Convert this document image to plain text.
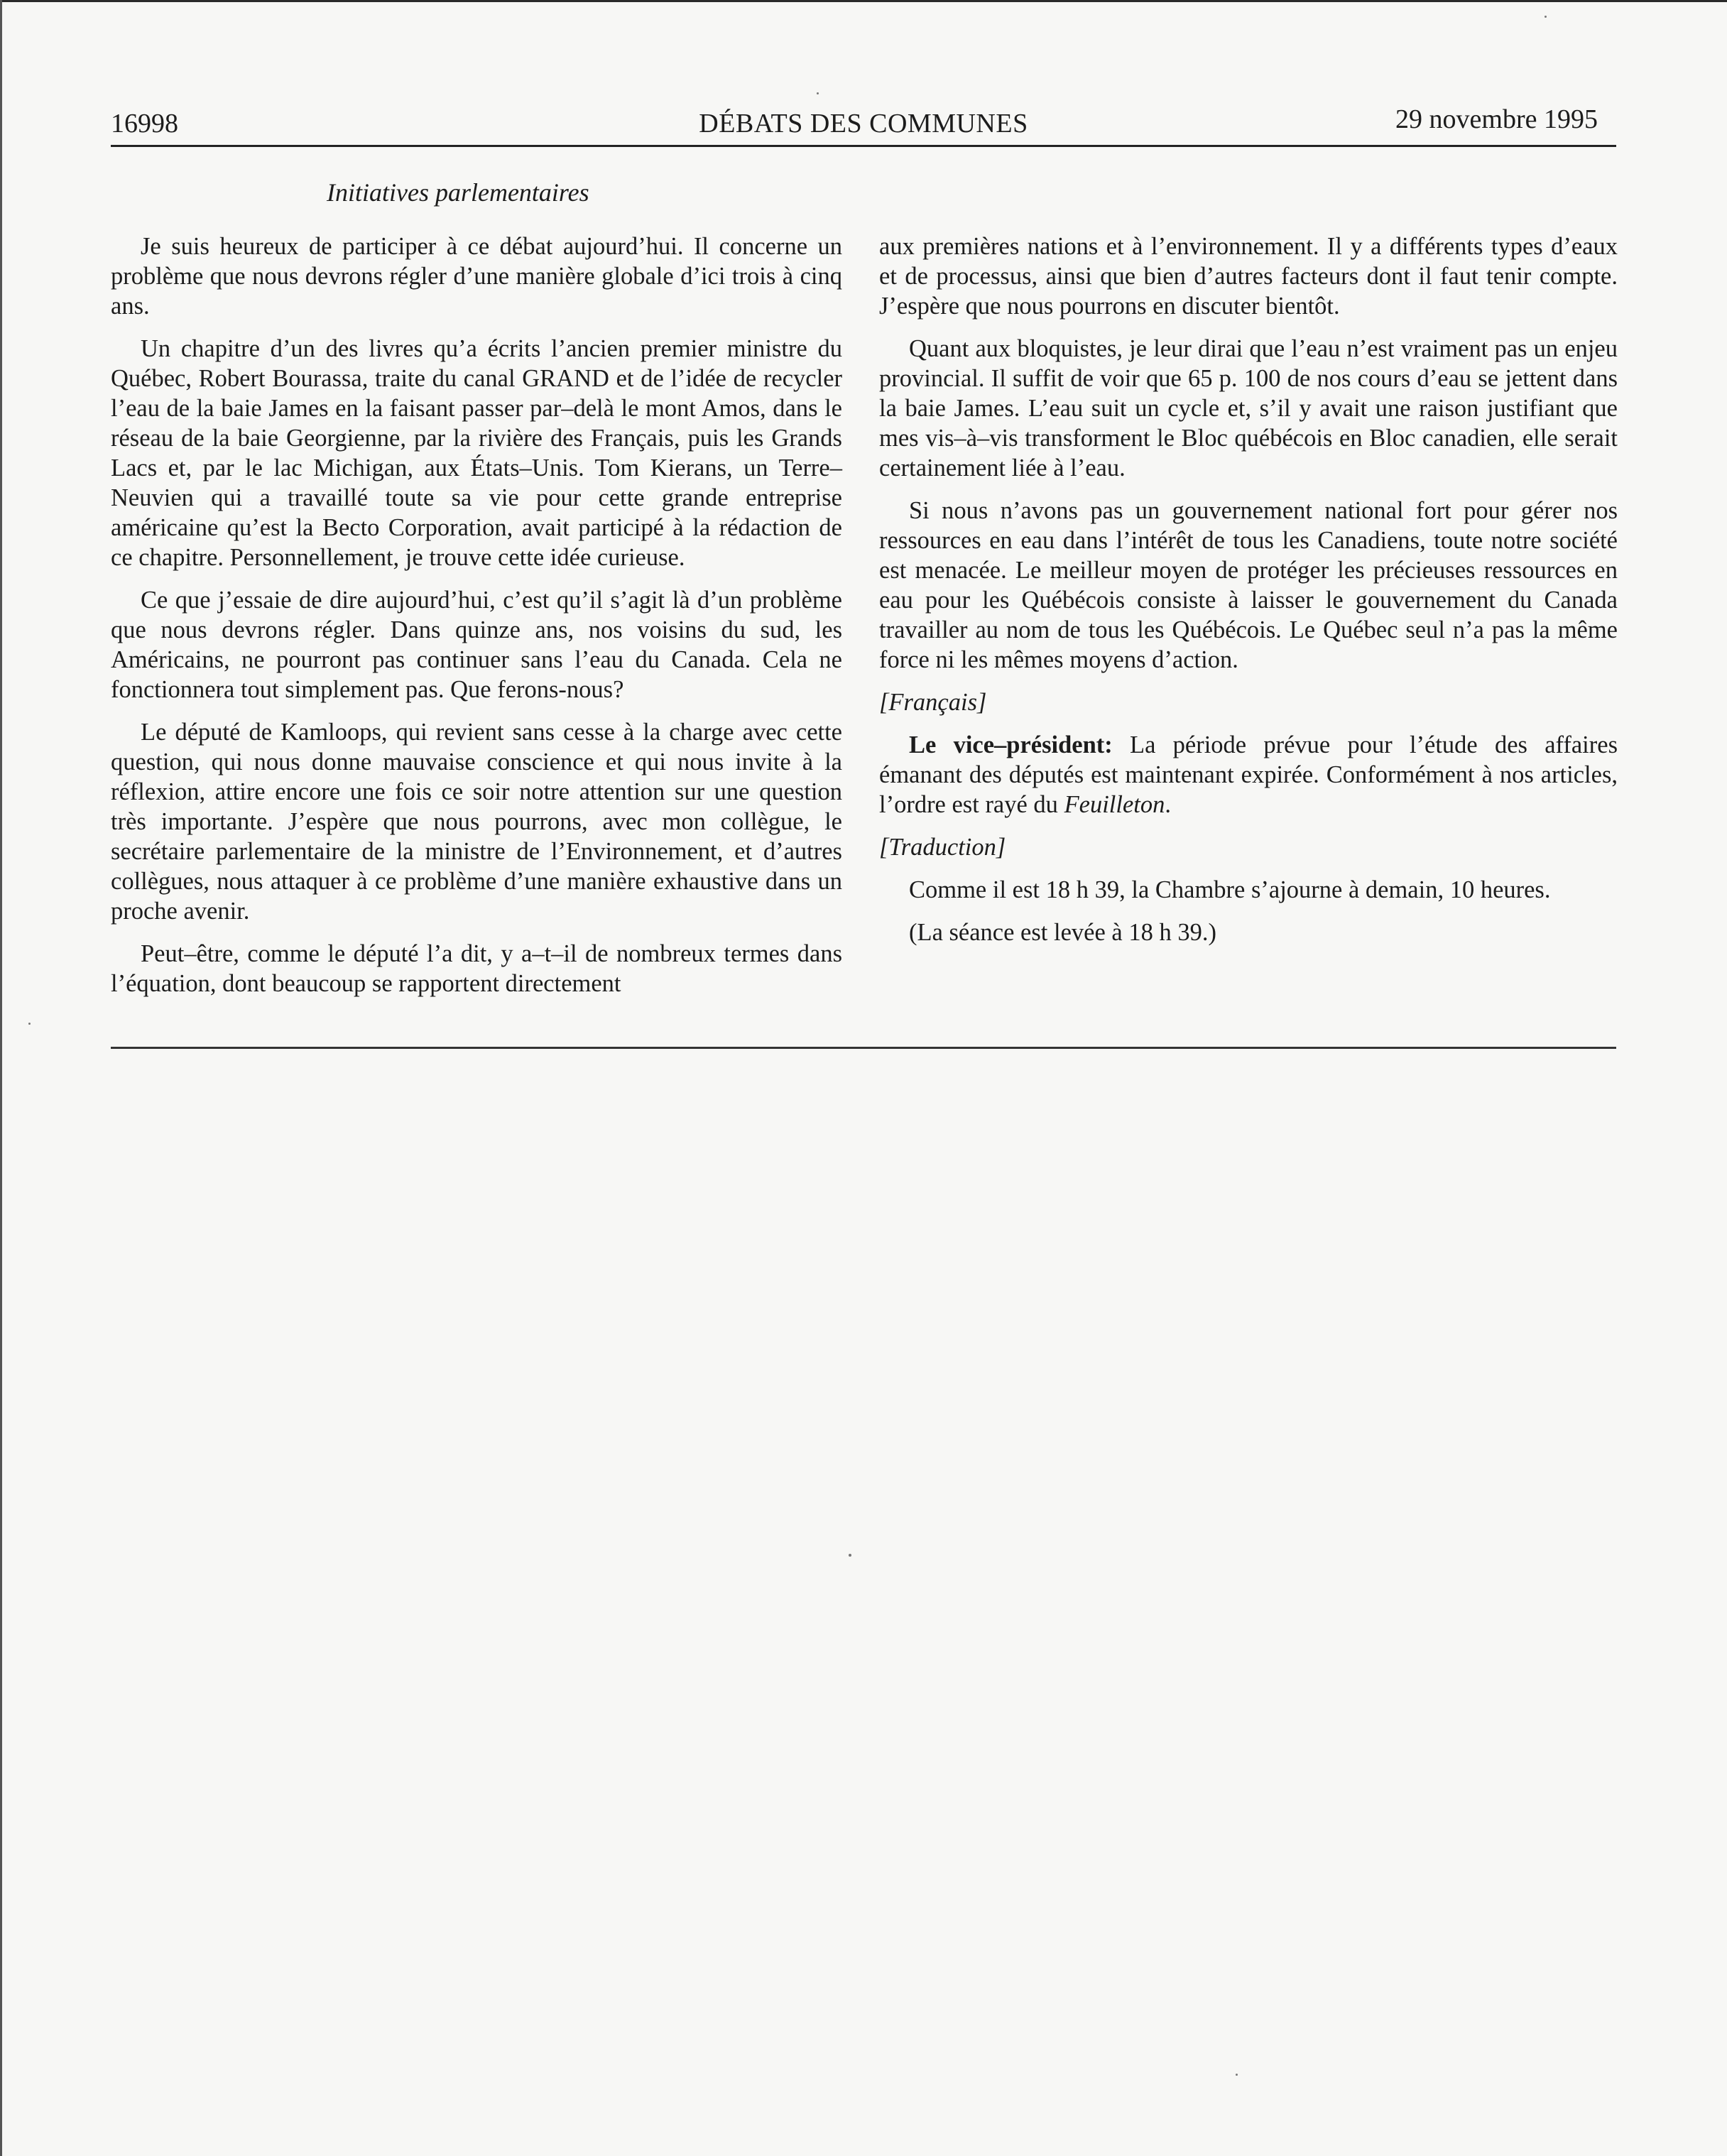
16998	DÉBATS DES COMMUNES	29 novembre 1995
Initiatives parlementaires

Je suis heureux de participer à ce débat aujourd’hui. Il concerne un problème que nous devrons régler d’une manière globale d’ici trois à cinq ans.

Un chapitre d’un des livres qu’a écrits l’ancien premier ministre du Québec, Robert Bourassa, traite du canal GRAND et de l’idée de recycler l’eau de la baie James en la faisant passer par–delà le mont Amos, dans le réseau de la baie Georgienne, par la rivière des Français, puis les Grands Lacs et, par le lac Michigan, aux États–Unis. Tom Kierans, un Terre–Neuvien qui a travaillé toute sa vie pour cette grande entreprise américaine qu’est la Becto Corporation, avait participé à la rédaction de ce chapitre. Personnellement, je trouve cette idée curieuse.

Ce que j’essaie de dire aujourd’hui, c’est qu’il s’agit là d’un problème que nous devrons régler. Dans quinze ans, nos voisins du sud, les Américains, ne pourront pas continuer sans l’eau du Canada. Cela ne fonctionnera tout simplement pas. Que ferons-nous?

Le député de Kamloops, qui revient sans cesse à la charge avec cette question, qui nous donne mauvaise conscience et qui nous invite à la réflexion, attire encore une fois ce soir notre attention sur une question très importante. J’espère que nous pourrons, avec mon collègue, le secrétaire parlementaire de la ministre de l’Environnement, et d’autres collègues, nous attaquer à ce problème d’une manière exhaustive dans un proche avenir.

Peut–être, comme le député l’a dit, y a–t–il de nombreux termes dans l’équation, dont beaucoup se rapportent directement

aux premières nations et à l’environnement. Il y a différents types d’eaux et de processus, ainsi que bien d’autres facteurs dont il faut tenir compte. J’espère que nous pourrons en discuter bientôt.

Quant aux bloquistes, je leur dirai que l’eau n’est vraiment pas un enjeu provincial. Il suffit de voir que 65 p. 100 de nos cours d’eau se jettent dans la baie James. L’eau suit un cycle et, s’il y avait une raison justifiant que mes vis–à–vis transforment le Bloc québécois en Bloc canadien, elle serait certainement liée à l’eau.

Si nous n’avons pas un gouvernement national fort pour gérer nos ressources en eau dans l’intérêt de tous les Canadiens, toute notre société est menacée. Le meilleur moyen de protéger les précieuses ressources en eau pour les Québécois consiste à laisser le gouvernement du Canada travailler au nom de tous les Québécois. Le Québec seul n’a pas la même force ni les mêmes moyens d’action.

[Français]

Le vice–président: La période prévue pour l’étude des affaires émanant des députés est maintenant expirée. Conformément à nos articles, l’ordre est rayé du Feuilleton.

[Traduction]

Comme il est 18 h 39, la Chambre s’ajourne à demain, 10 heures.

(La séance est levée à 18 h 39.)
